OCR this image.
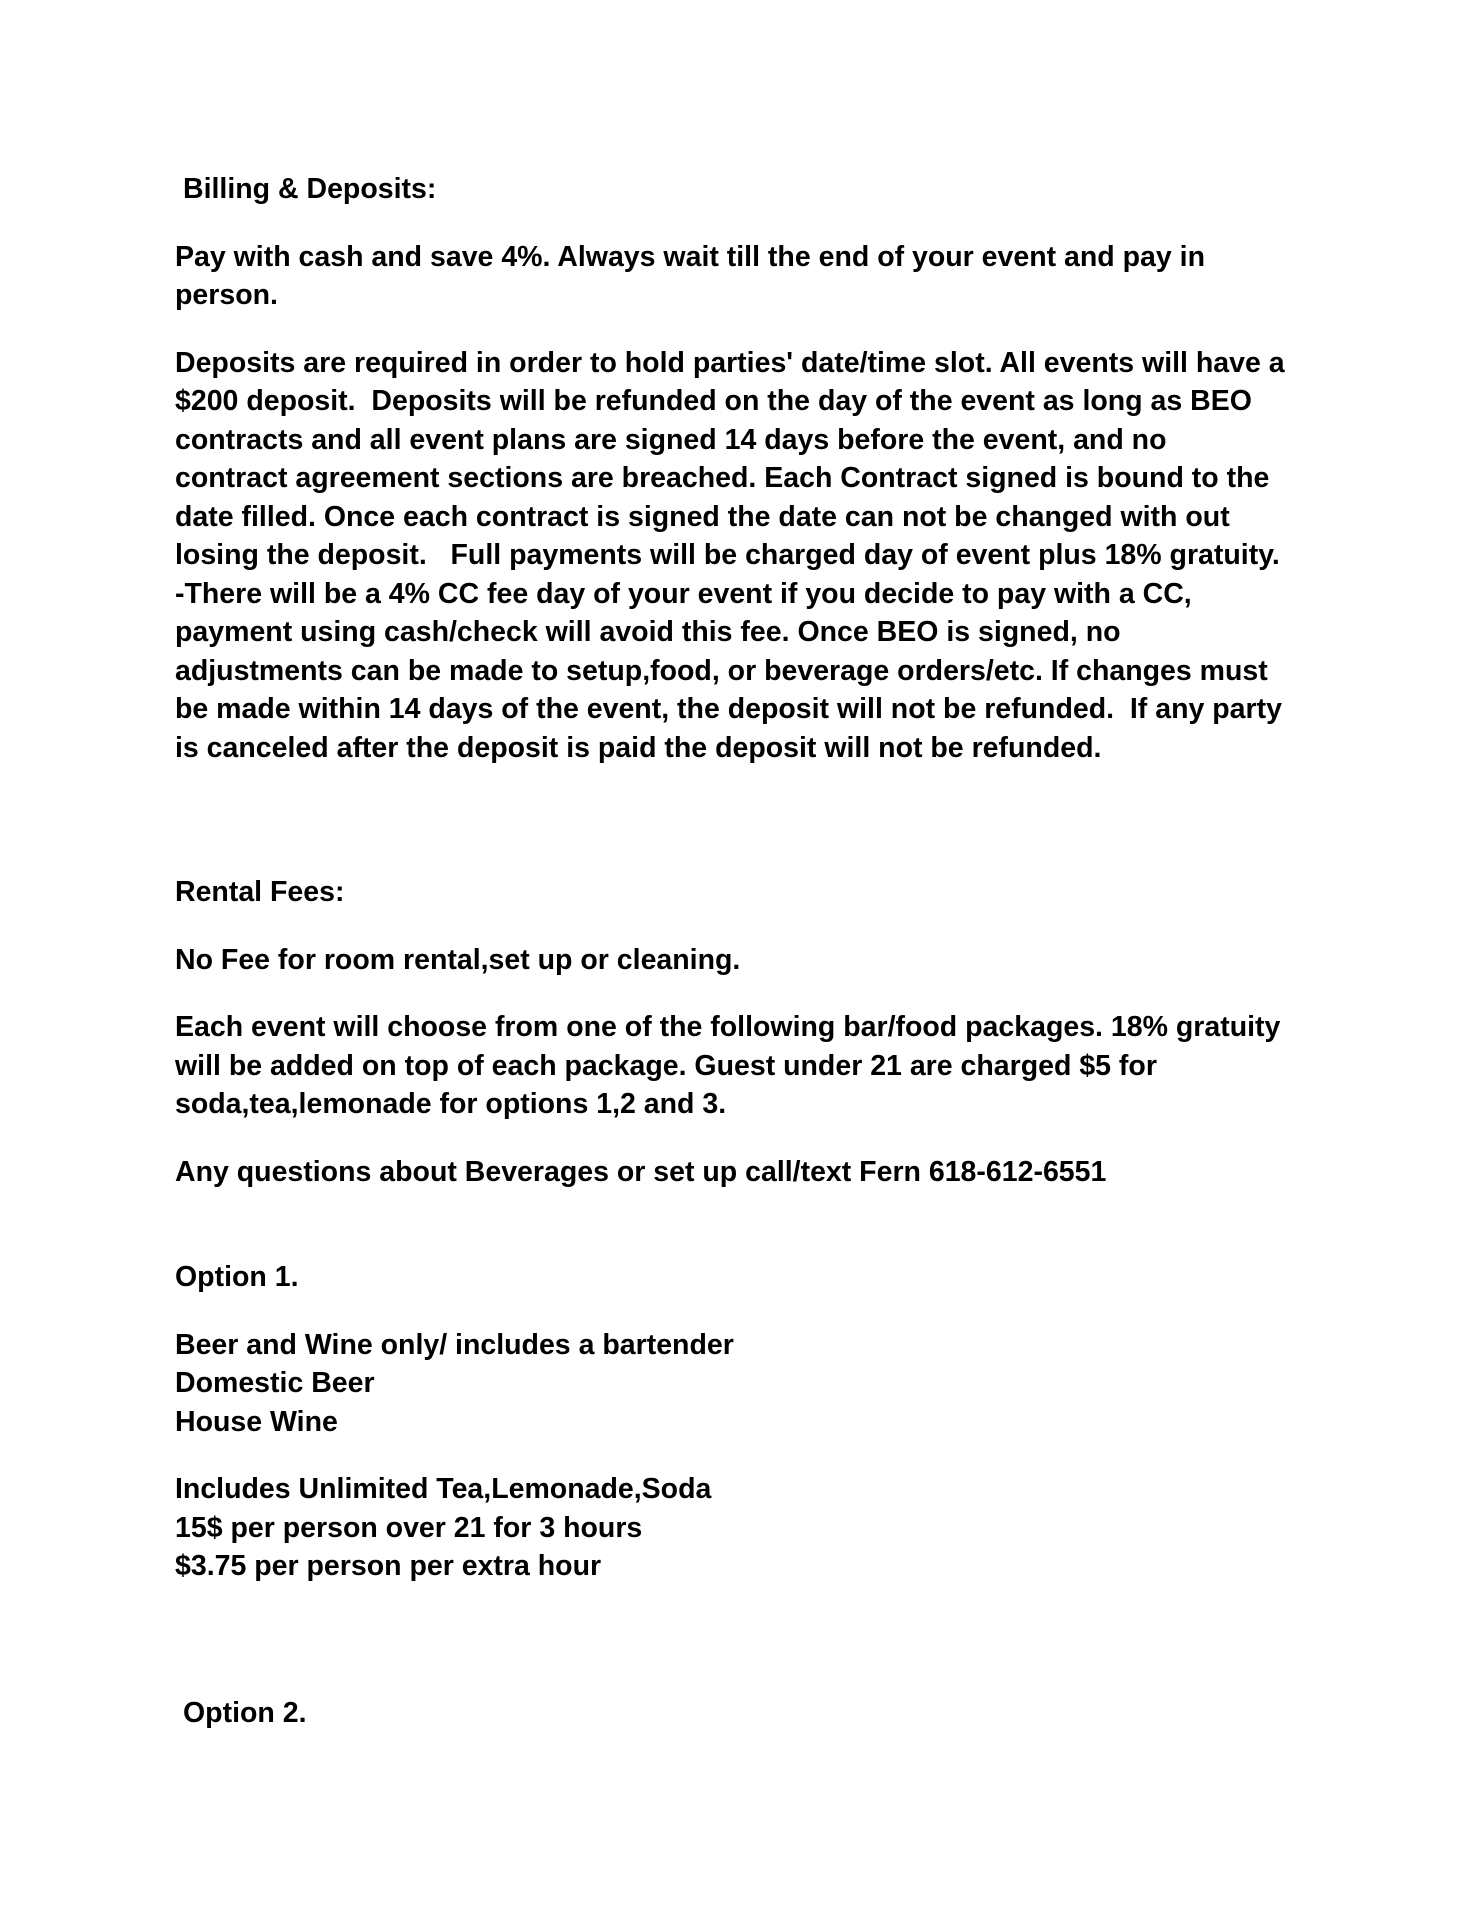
Billing & Deposits:

Pay with cash and save 4%. Always wait till the end of your event and pay in
person.

Deposits are required in order to hold parties' date/time slot. All events will have a
$200 deposit.  Deposits will be refunded on the day of the event as long as BEO
contracts and all event plans are signed 14 days before the event, and no
contract agreement sections are breached. Each Contract signed is bound to the
date filled. Once each contract is signed the date can not be changed with out
losing the deposit.   Full payments will be charged day of event plus 18% gratuity.
-There will be a 4% CC fee day of your event if you decide to pay with a CC,
payment using cash/check will avoid this fee. Once BEO is signed, no
adjustments can be made to setup,food, or beverage orders/etc. If changes must
be made within 14 days of the event, the deposit will not be refunded.  If any party
is canceled after the deposit is paid the deposit will not be refunded.

Rental Fees:

No Fee for room rental,set up or cleaning.

Each event will choose from one of the following bar/food packages. 18% gratuity
will be added on top of each package. Guest under 21 are charged $5 for
soda,tea,lemonade for options 1,2 and 3.

Any questions about Beverages or set up call/text Fern 618-612-6551

Option 1.

Beer and Wine only/ includes a bartender
Domestic Beer
House Wine

Includes Unlimited Tea,Lemonade,Soda
15$ per person over 21 for 3 hours
$3.75 per person per extra hour

Option 2.
